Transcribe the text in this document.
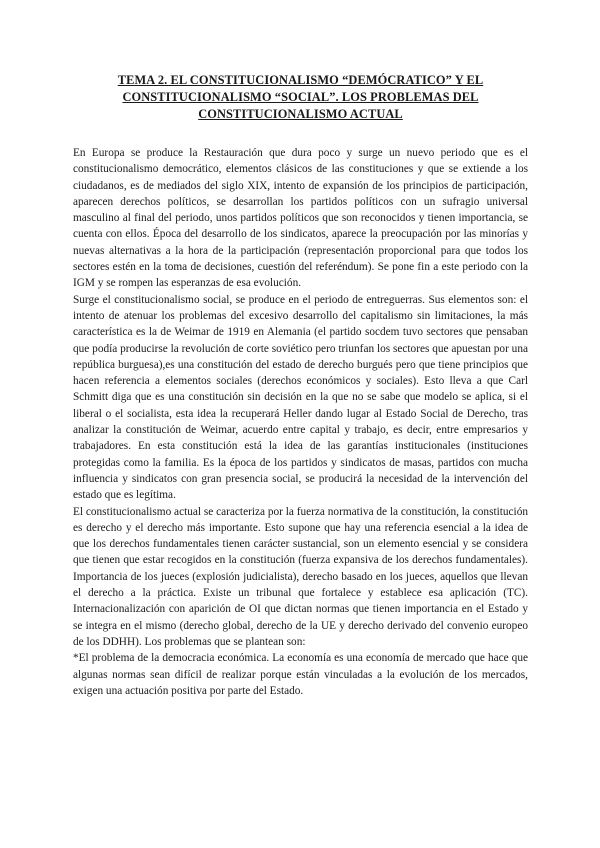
TEMA 2. EL CONSTITUCIONALISMO “DEMÓCRATICO” Y EL
CONSTITUCIONALISMO “SOCIAL”. LOS PROBLEMAS DEL
CONSTITUCIONALISMO ACTUAL

En Europa se produce la Restauración que dura poco y surge un nuevo periodo que es el constitucionalismo democrático, elementos clásicos de las constituciones y que se extiende a los ciudadanos, es de mediados del siglo XIX, intento de expansión de los principios de participación, aparecen derechos políticos, se desarrollan los partidos políticos con un sufragio universal masculino al final del periodo, unos partidos políticos que son reconocidos y tienen importancia, se cuenta con ellos. Época del desarrollo de los sindicatos, aparece la preocupación por las minorías y nuevas alternativas a la hora de la participación (representación proporcional para que todos los sectores estén en la toma de decisiones, cuestión del referéndum). Se pone fin a este periodo con la IGM y se rompen las esperanzas de esa evolución.

Surge el constitucionalismo social, se produce en el periodo de entreguerras. Sus elementos son: el intento de atenuar los problemas del excesivo desarrollo del capitalismo sin limitaciones, la más característica es la de Weimar de 1919 en Alemania (el partido socdem tuvo sectores que pensaban que podía producirse la revolución de corte soviético pero triunfan los sectores que apuestan por una república burguesa),es una constitución del estado de derecho burgués pero que tiene principios que hacen referencia a elementos sociales (derechos económicos y sociales). Esto lleva a que Carl Schmitt diga que es una constitución sin decisión en la que no se sabe que modelo se aplica, si el liberal o el socialista, esta idea la recuperará Heller dando lugar al Estado Social de Derecho, tras analizar la constitución de Weimar, acuerdo entre capital y trabajo, es decir, entre empresarios y trabajadores. En esta constitución está la idea de las garantías institucionales (instituciones protegidas como la familia. Es la época de los partidos y sindicatos de masas, partidos con mucha influencia y sindicatos con gran presencia social, se producirá la necesidad de la intervención del estado que es legítima.

El constitucionalismo actual se caracteriza por la fuerza normativa de la constitución, la constitución es derecho y el derecho más importante. Esto supone que hay una referencia esencial a la idea de que los derechos fundamentales tienen carácter sustancial, son un elemento esencial y se considera que tienen que estar recogidos en la constitución (fuerza expansiva de los derechos fundamentales). Importancia de los jueces (explosión judicialista), derecho basado en los jueces, aquellos que llevan el derecho a la práctica. Existe un tribunal que fortalece y establece esa aplicación (TC). Internacionalización con aparición de OI que dictan normas que tienen importancia en el Estado y se integra en el mismo (derecho global, derecho de la UE y derecho derivado del convenio europeo de los DDHH). Los problemas que se plantean son:

*El problema de la democracia económica. La economía es una economía de mercado que hace que algunas normas sean difícil de realizar porque están vinculadas a la evolución de los mercados, exigen una actuación positiva por parte del Estado.
